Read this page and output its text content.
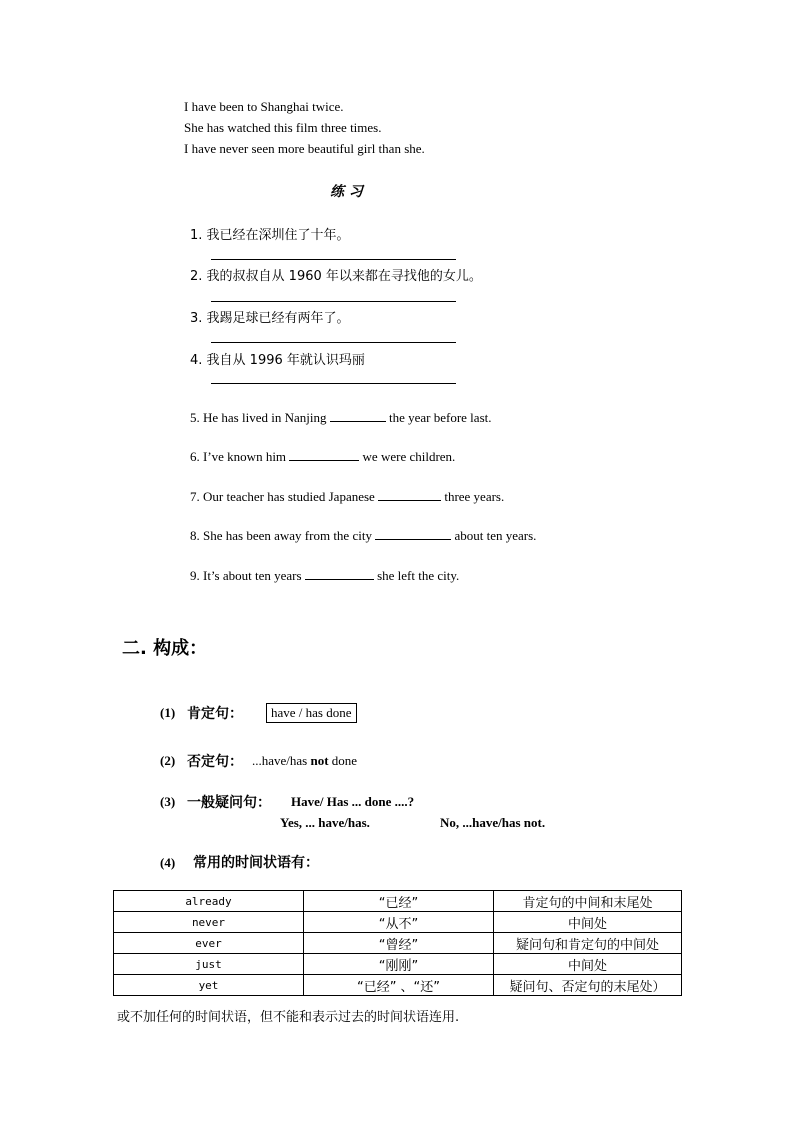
I have been to Shanghai twice.
She has watched this film three times.
I have never seen more beautiful girl than she.
练 习
1. 我已经在深圳住了十年。
2. 我的叔叔自从 1960 年以来都在寻找他的女儿。
3. 我踢足球已经有两年了。
4. 我自从 1996 年就认识玛丽
5. He has lived in Nanjing	the year before last.
6. I’ve known him	we were children.
7. Our teacher has studied Japanese	three years.
8. She has been away from the city	about ten years.
9. It’s about ten years	she left the city.
二. 构成：
(1) 肯定句：	have / has done
(2) 否定句： ...have/has not done
(3) 一般疑问句： Have/ Has ... done ....?
Yes, ... have/has.	No, ...have/has not.
(4) 常用的时间状语有：
already	“已经”	肯定句的中间和末尾处
never	“从不”	中间处
ever	“曾经”	疑问句和肯定句的中间处
just	“刚刚”	中间处
yet	“已经” 、“还”	疑问句、否定句的末尾处）
或不加任何的时间状语，但不能和表示过去的时间状语连用.
